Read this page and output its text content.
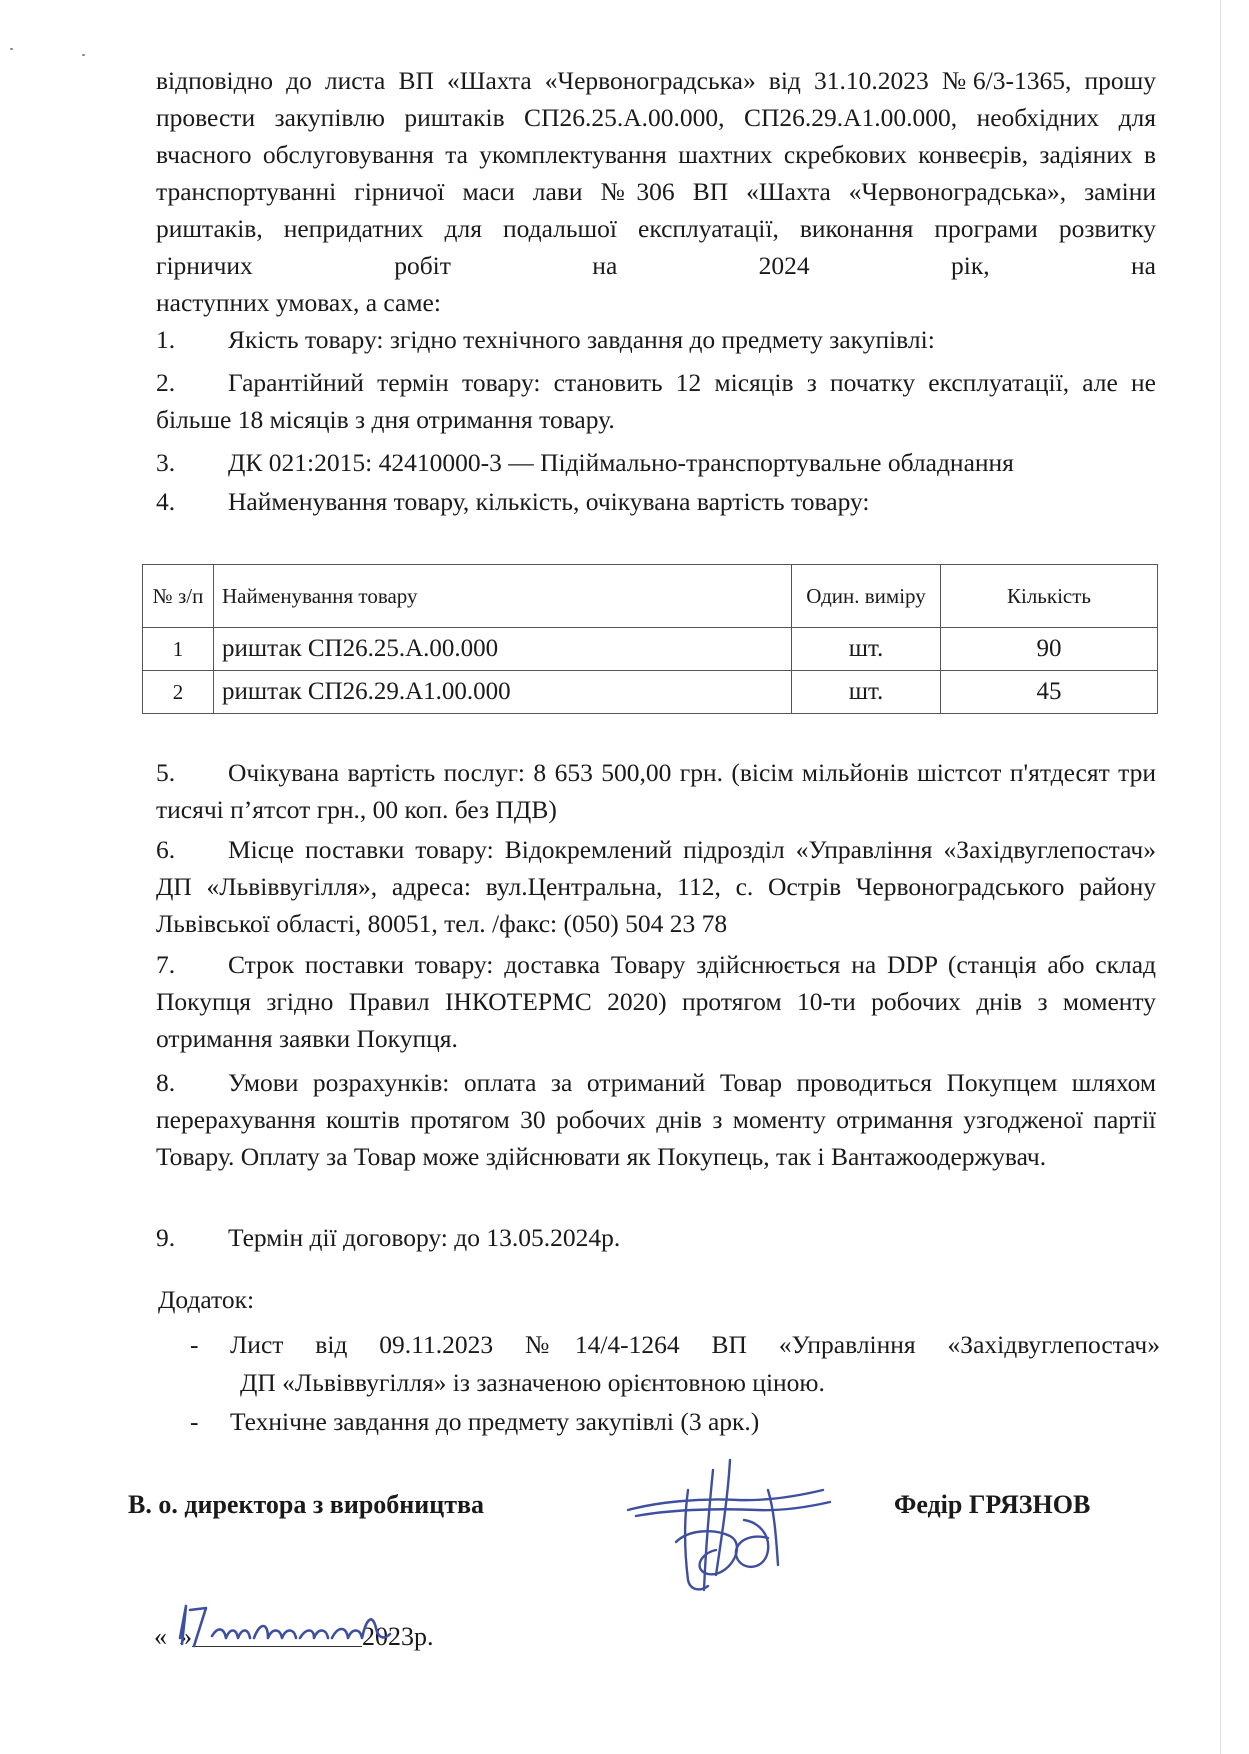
відповідно до листа ВП «Шахта «Червоноградська» від 31.10.2023 №6/3-1365, прошу провести закупівлю риштаків СП26.25.А.00.000, СП26.29.А1.00.000, необхідних для вчасного обслуговування та укомплектування шахтних скребкових конвеєрів, задіяних в транспортуванні гірничої маси лави №306 ВП «Шахта «Червоноградська», заміни риштаків, непридатних для подальшої експлуатації, виконання програми розвитку гірничих робіт на 2024 рік, на
наступних умовах, а саме:
1.	Якість товару: згідно технічного завдання до предмету закупівлі:
2.	Гарантійний термін товару: становить 12 місяців з початку експлуатації, але не більше 18 місяців з дня отримання товару.
3.	ДК 021:2015: 42410000-3 — Підіймально-транспортувальне обладнання
4.	Найменування товару, кількість, очікувана вартість товару:
№ з/п	Найменування товару	Один. виміру	Кількість
1	риштак СП26.25.А.00.000	шт.	90
2	риштак СП26.29.А1.00.000	шт.	45
5.	Очікувана вартість послуг: 8 653 500,00 грн. (вісім мільйонів шістсот п'ятдесят три тисячі п’ятсот грн., 00 коп. без ПДВ)
6.	Місце поставки товару: Відокремлений підрозділ «Управління «Західвуглепостач» ДП «Львіввугілля», адреса: вул.Центральна, 112, с. Острів Червоноградського району Львівської області, 80051, тел. /факс: (050) 504 23 78
7.	Строк поставки товару: доставка Товару здійснюється на DDP (станція або склад Покупця згідно Правил ІНКОТЕРМС 2020) протягом 10-ти робочих днів з моменту отримання заявки Покупця.
8.	Умови розрахунків: оплата за отриманий Товар проводиться Покупцем шляхом перерахування коштів протягом 30 робочих днів з моменту отримання узгодженої партії Товару. Оплату за Товар може здійснювати як Покупець, так і Вантажоодержувач.
9.	Термін дії договору: до 13.05.2024р.
Додаток:
- Лист від 09.11.2023 №14/4-1264 ВП «Управління «Західвуглепостач»
ДП «Львіввугілля» із зазначеною орієнтовною ціною.
- Технічне завдання до предмету закупівлі (3 арк.)
В. о. директора з виробництва	Федір ГРЯЗНОВ
« »	2023р.
